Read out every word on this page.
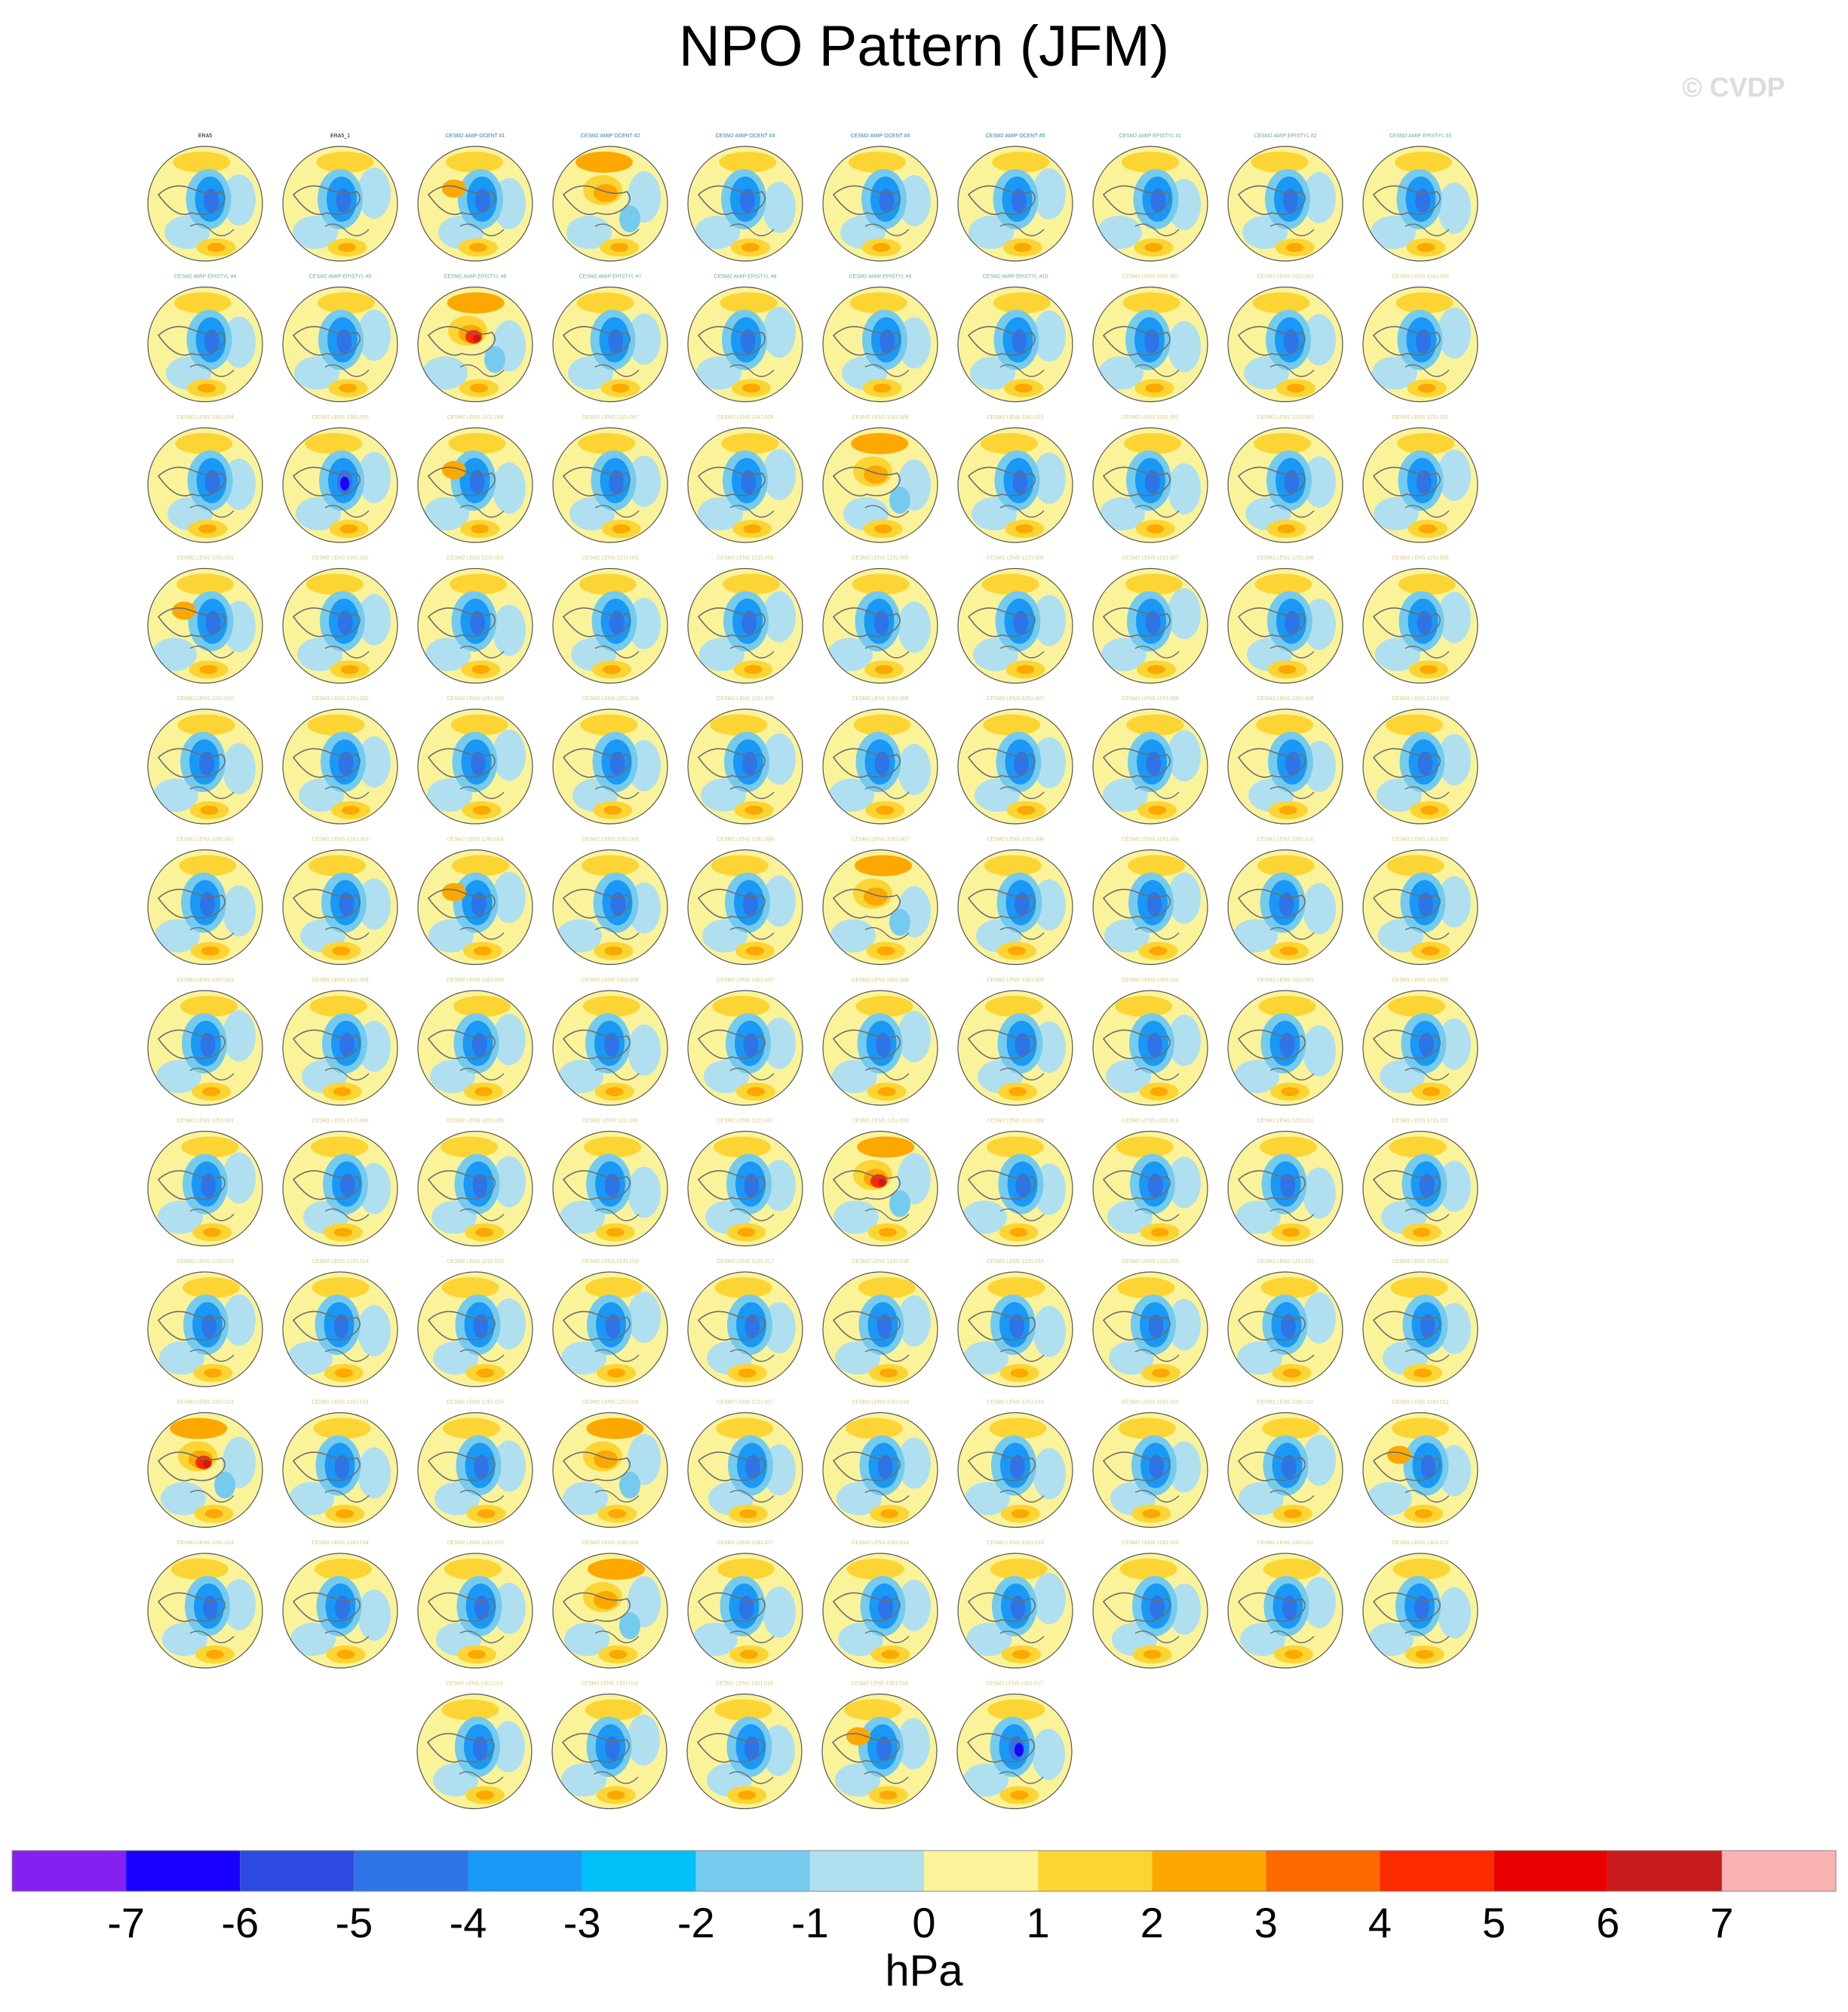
NPO Pattern (JFM)
© CVDP
ERA5	ERA5_1	CESM2 AMIP OCENT #1	CESM2 AMIP OCENT #2	CESM2 AMIP OCENT #3	CESM2 AMIP OCENT #4	CESM2 AMIP OCENT #5	CESM2 AMIP EPISTYL #1	CESM2 AMIP EPISTYL #2	CESM2 AMIP EPISTYL #3
CESM2 AMIP EPISTYL #4	CESM2 AMIP EPISTYL #5	CESM2 AMIP EPISTYL #6	CESM2 AMIP EPISTYL #7	CESM2 AMIP EPISTYL #8	CESM2 AMIP EPISTYL #9	CESM2 AMIP EPISTYL #10	CESM2 LENS 1001.001	CESM2 LENS 1021.002	CESM2 LENS 1041.003
CESM2 LENS 1061.004	CESM2 LENS 1081.005	CESM2 LENS 1101.006	CESM2 LENS 1121.007	CESM2 LENS 1141.008	CESM2 LENS 1161.009	CESM2 LENS 1181.010	CESM2 LENS 1201.001	CESM2 LENS 1231.001	CESM2 LENS 1251.001
CESM2 LENS 1281.001	CESM2 LENS 1301.001	CESM2 LENS 1231.002	CESM2 LENS 1231.003	CESM2 LENS 1231.004	CESM2 LENS 1231.005	CESM2 LENS 1231.006	CESM2 LENS 1231.007	CESM2 LENS 1231.008	CESM2 LENS 1231.009
CESM2 LENS 1231.010	CESM2 LENS 1251.002	CESM2 LENS 1251.003	CESM2 LENS 1251.004	CESM2 LENS 1251.005	CESM2 LENS 1251.006	CESM2 LENS 1251.007	CESM2 LENS 1251.008	CESM2 LENS 1251.009	CESM2 LENS 1251.010
CESM2 LENS 1281.002	CESM2 LENS 1281.003	CESM2 LENS 1281.004	CESM2 LENS 1281.005	CESM2 LENS 1281.006	CESM2 LENS 1281.007	CESM2 LENS 1281.008	CESM2 LENS 1281.009	CESM2 LENS 1281.010	CESM2 LENS 1301.002
CESM2 LENS 1301.003	CESM2 LENS 1301.004	CESM2 LENS 1301.005	CESM2 LENS 1301.006	CESM2 LENS 1301.007	CESM2 LENS 1301.008	CESM2 LENS 1301.009	CESM2 LENS 1301.010	CESM2 LENS 1011.001	CESM2 LENS 1031.002
CESM2 LENS 1051.003	CESM2 LENS 1071.004	CESM2 LENS 1091.005	CESM2 LENS 1111.006	CESM2 LENS 1131.007	CESM2 LENS 1151.008	CESM2 LENS 1171.009	CESM2 LENS 1191.010	CESM2 LENS 1231.011	CESM2 LENS 1231.012
CESM2 LENS 1231.013	CESM2 LENS 1231.014	CESM2 LENS 1231.015	CESM2 LENS 1231.016	CESM2 LENS 1231.017	CESM2 LENS 1231.018	CESM2 LENS 1231.019	CESM2 LENS 1231.020	CESM2 LENS 1251.011	CESM2 LENS 1251.012
CESM2 LENS 1251.013	CESM2 LENS 1251.014	CESM2 LENS 1251.015	CESM2 LENS 1251.016	CESM2 LENS 1251.017	CESM2 LENS 1251.018	CESM2 LENS 1251.019	CESM2 LENS 1251.020	CESM2 LENS 1281.011	CESM2 LENS 1281.012
CESM2 LENS 1281.013	CESM2 LENS 1281.014	CESM2 LENS 1281.015	CESM2 LENS 1281.016	CESM2 LENS 1281.017	CESM2 LENS 1281.018	CESM2 LENS 1281.019	CESM2 LENS 1281.020	CESM2 LENS 1301.011	CESM2 LENS 1301.012
CESM2 LENS 1301.013	CESM2 LENS 1301.014	CESM2 LENS 1301.015	CESM2 LENS 1301.016	CESM2 LENS 1301.017
-7 -6 -5 -4 -3 -2 -1 0 1 2 3 4 5 6 7
hPa
